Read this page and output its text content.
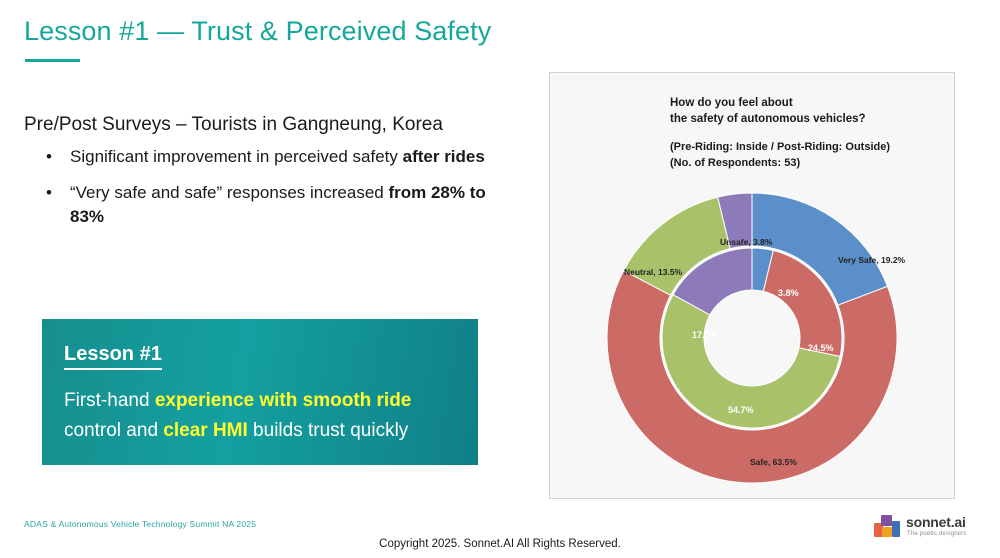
Lesson #1 — Trust & Perceived Safety
Pre/Post Surveys – Tourists in Gangneung, Korea
• Significant improvement in perceived safety after rides
• “Very safe and safe” responses increased from 28% to 83%
Lesson #1
First-hand experience with smooth ride
control and clear HMI builds trust quickly
How do you feel about
the safety of autonomous vehicles?
(Pre-Riding: Inside / Post-Riding: Outside)
(No. of Respondents: 53)
Very Safe, 19.2%
Safe, 63.5%
Neutral, 13.5%
Unsafe, 3.8%
3.8%
24.5%
54.7%
17.0%
ADAS & Autonomous Vehicle Technology Summit NA 2025
Copyright 2025. Sonnet.AI All Rights Reserved.
sonnet.ai
The poetic designers
